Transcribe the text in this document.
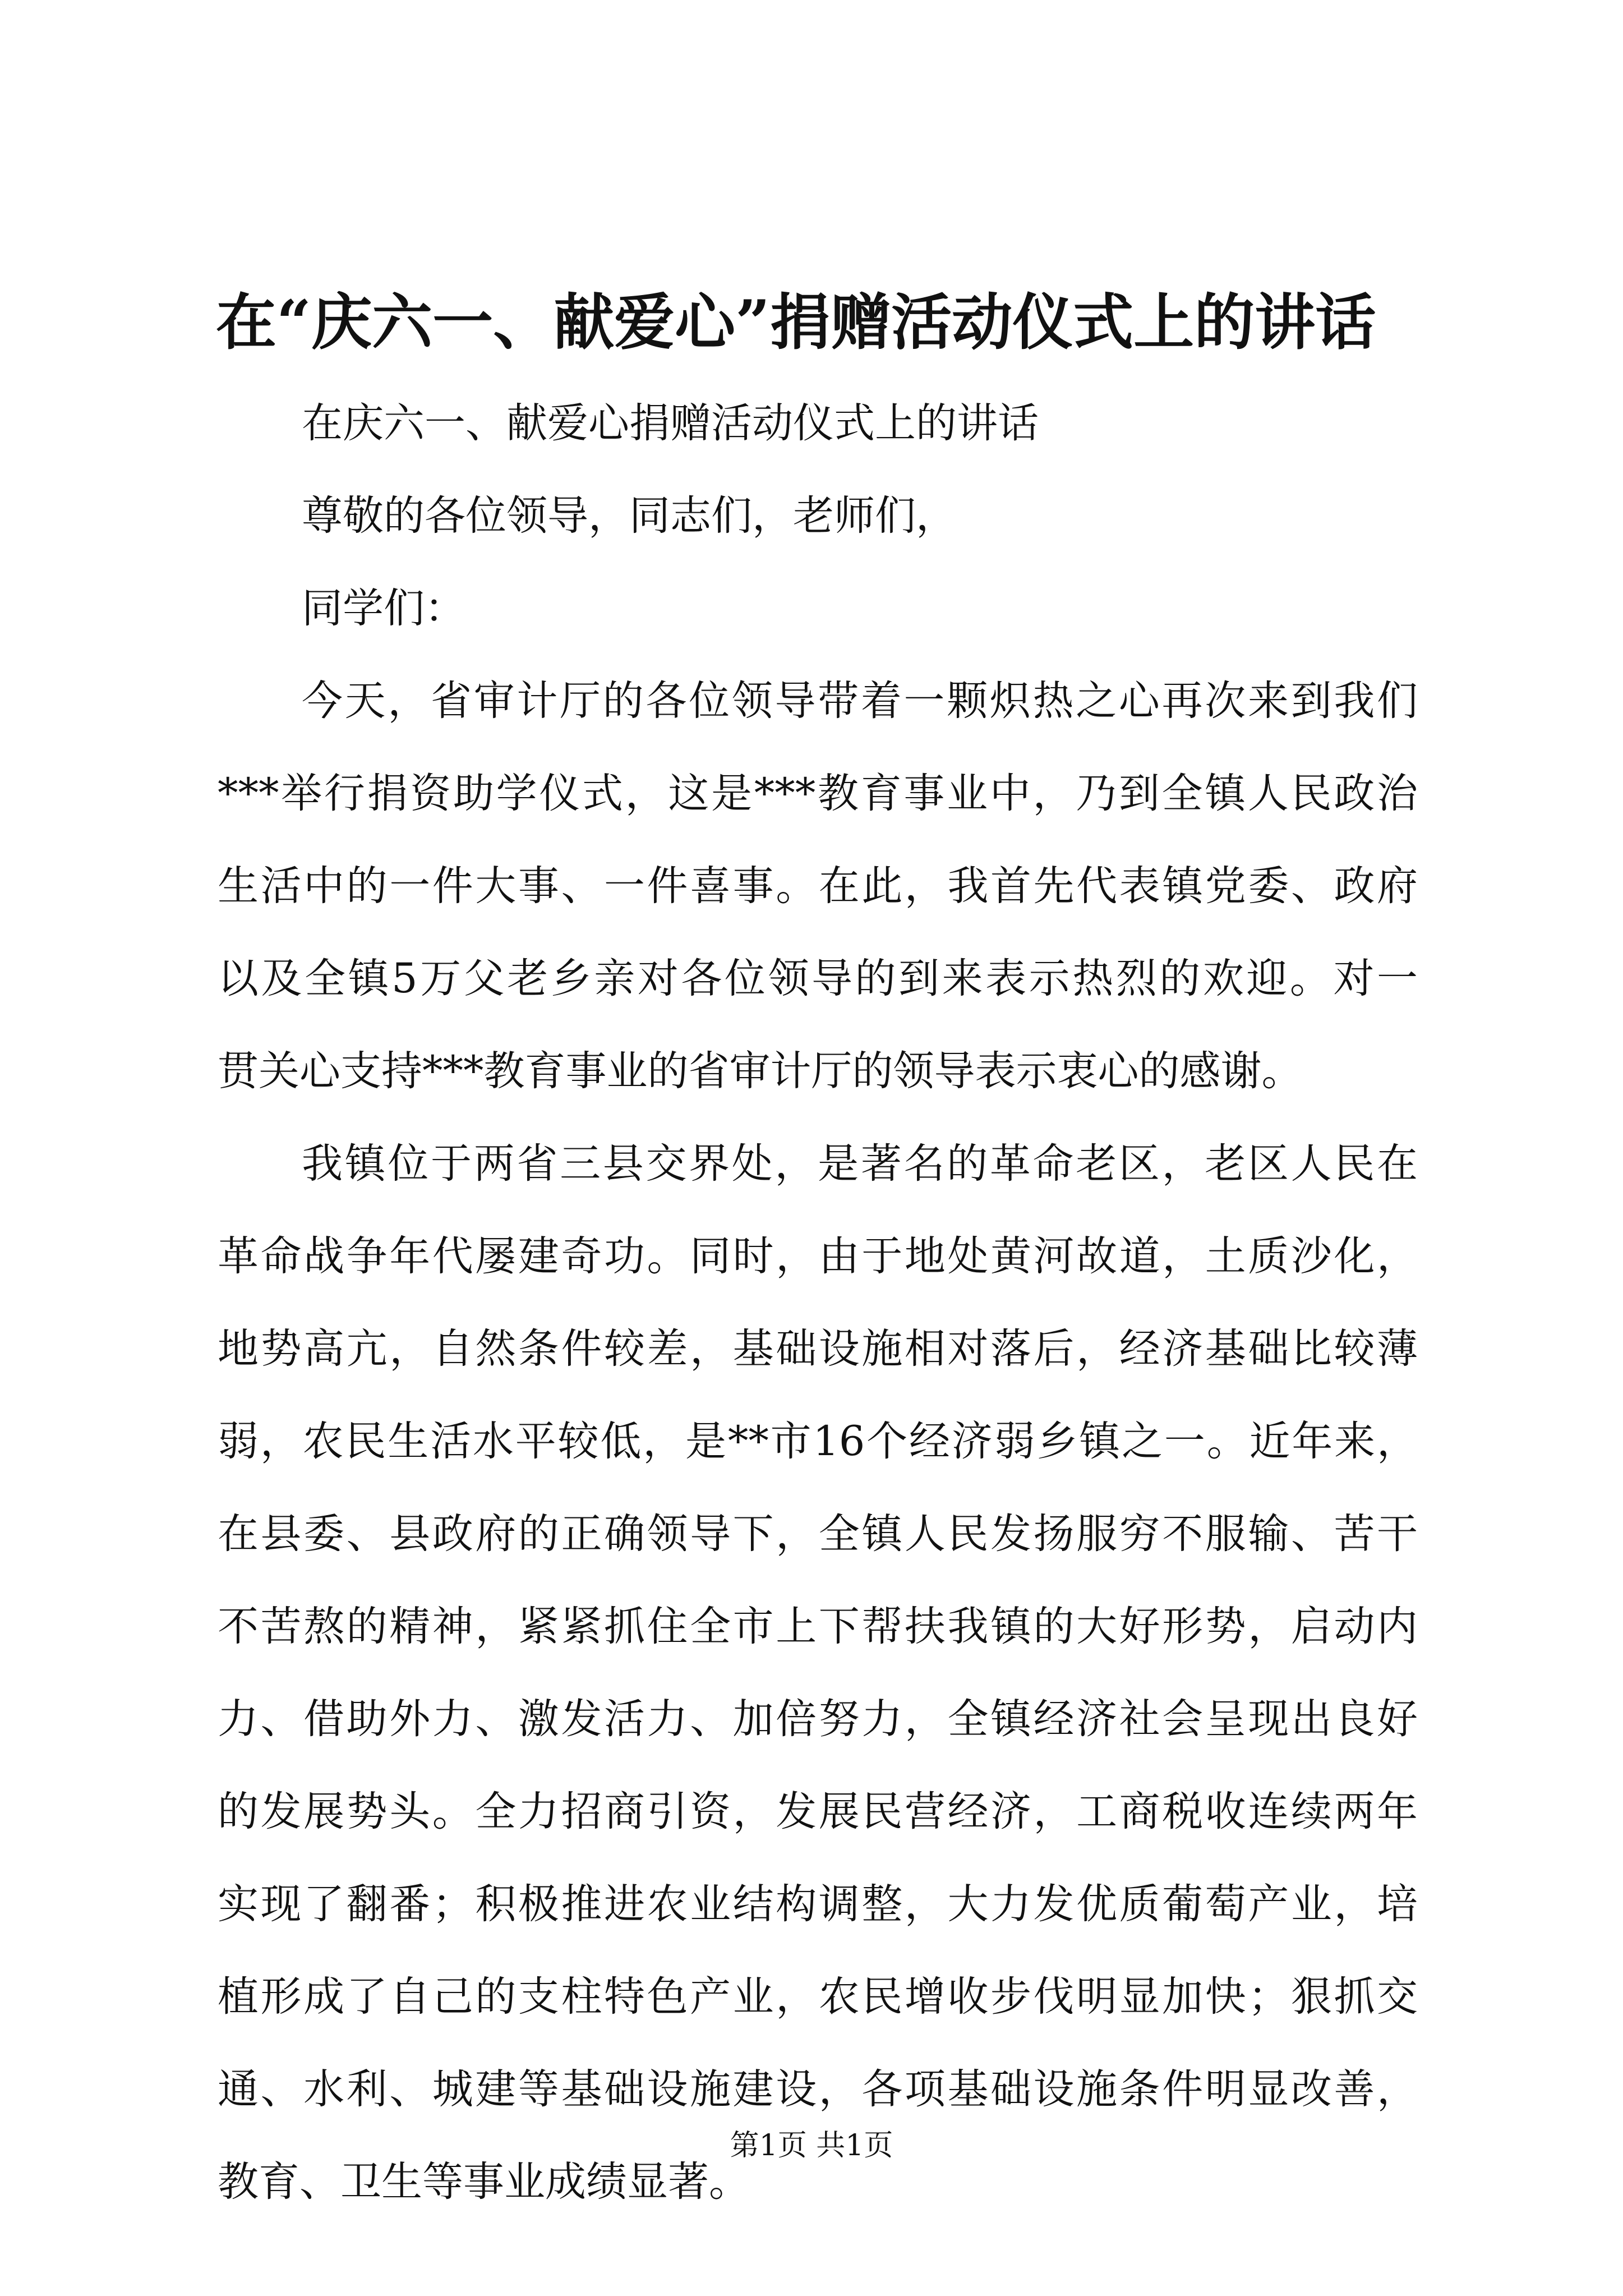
在“庆六一、献爱心”捐赠活动仪式上的讲话
在庆六一、献爱心捐赠活动仪式上的讲话
尊敬的各位领导，同志们，老师们，
同学们：
今天，省审计厅的各位领导带着一颗炽热之心再次来到我们
***举行捐资助学仪式，这是***教育事业中，乃到全镇人民政治
生活中的一件大事、一件喜事。在此，我首先代表镇党委、政府
以及全镇5万父老乡亲对各位领导的到来表示热烈的欢迎。对一
贯关心支持***教育事业的省审计厅的领导表示衷心的感谢。
我镇位于两省三县交界处，是著名的革命老区，老区人民在
革命战争年代屡建奇功。同时，由于地处黄河故道，土质沙化，
地势高亢，自然条件较差，基础设施相对落后，经济基础比较薄
弱，农民生活水平较低，是**市16个经济弱乡镇之一。近年来，
在县委、县政府的正确领导下，全镇人民发扬服穷不服输、苦干
不苦熬的精神，紧紧抓住全市上下帮扶我镇的大好形势，启动内
力、借助外力、激发活力、加倍努力，全镇经济社会呈现出良好
的发展势头。全力招商引资，发展民营经济，工商税收连续两年
实现了翻番；积极推进农业结构调整，大力发优质葡萄产业，培
植形成了自己的支柱特色产业，农民增收步伐明显加快；狠抓交
通、水利、城建等基础设施建设，各项基础设施条件明显改善，
教育、卫生等事业成绩显著。
第1页 共1页
